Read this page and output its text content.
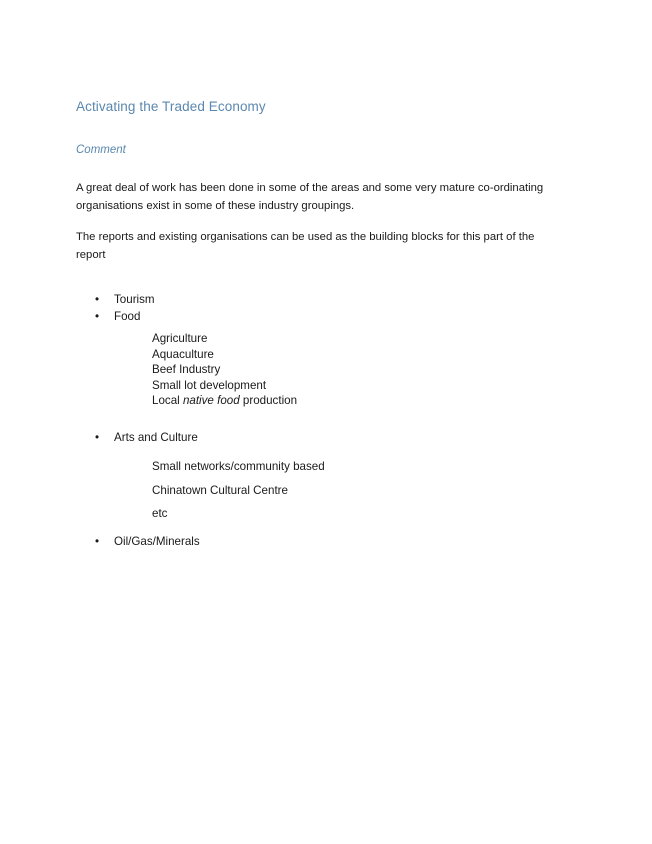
Activating the Traded Economy

Comment

A great deal of work has been done in some of the areas and some very mature co-ordinating organisations exist in some of these industry groupings.

The reports and existing organisations can be used as the building blocks for this part of the report

• Tourism
• Food
Agriculture
Aquaculture
Beef Industry
Small lot development
Local native food production
• Arts and Culture
Small networks/community based
Chinatown Cultural Centre
etc
• Oil/Gas/Minerals
